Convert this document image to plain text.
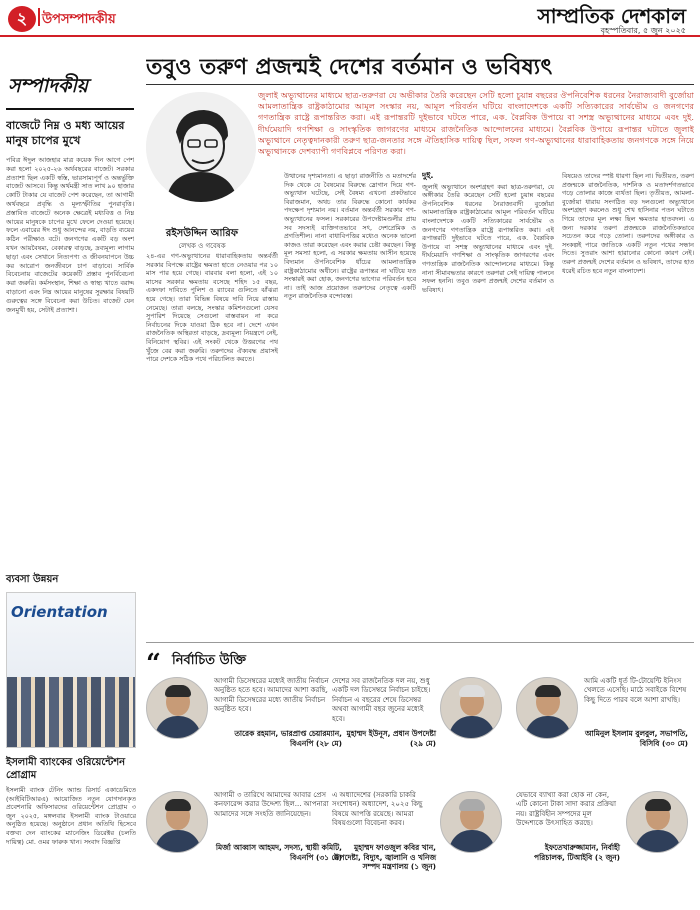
২	উপসম্পাদকীয়	সাম্প্রতিক দেশকাল
বৃহস্পতিবার, ৫ জুন ২০২৫
সম্পাদকীয়
বাজেটে নিম্ন ও মধ্য আয়ের মানুষ চাপের মুখে
পবিত্র ঈদুল আজহার মাত্র কয়েক দিন আগে পেশ করা হলো ২০২৫-২৬ অর্থবছরের বাজেট। সরকার প্রত্যাশা ছিল একটি স্বস্তি, ভারসাম্যপূর্ণ ও অন্তর্ভুক্তি বাজেট আসবে। কিন্তু অর্থমন্ত্রী সাত লাখ ৯০ হাজার কোটি টাকার যে বাজেট পেশ করেছেন, তা আগামী অর্থবছরে প্রবৃদ্ধি ও মূল্যস্ফীতির পুনরাবৃত্তি। প্রস্তাবিত বাজেটে অনেক ক্ষেত্রেই মধ্যবিত্ত ও নিম্ন আয়ের মানুষকে চাপের মুখে ফেলে দেওয়া হয়েছে। ফলে এবারের ঈদ শুধু আনন্দের নয়, বাড়তি ব্যয়ের কঠিন পরীক্ষাও বটে। জনগণের একটি বড় অংশ যখন আয়বৈষম্য, বেকারত্ব বাড়ছে, দ্রব্যমূল্য লাগাম ছাড়া এবং সেখানে নিত্যপণ্য ও জীবনযাপনে উচ্চ কর আরোপ জনজীবনে চাপ বাড়াবে। সার্বিক বিবেচনায় বাজেটের কয়েকটি প্রস্তাব পুনর্বিবেচনা করা জরুরি। কর্মসংস্থান, শিক্ষা ও স্বাস্থ্য খাতে বরাদ্দ বাড়ানো এবং নিম্ন আয়ের মানুষের সুরক্ষার বিষয়টি গুরুত্বের সঙ্গে বিবেচনা করা উচিত। বাজেট যেন জনমুখী হয়, সেটাই প্রত্যাশা।
ব্যবসা উন্নয়ন
Orientation
ইসলামী ব্যাংকের ওরিয়েন্টেশন প্রোগ্রাম
ইসলামী ব্যাংক টেনিং অ্যান্ড রিসার্চ একাডেমিতে (আইবিটিআরএ) আয়োজিত নতুন যোগদানকৃত প্রবেশনারি অফিসারদের ওরিয়েন্টেশন প্রোগ্রাম ৩ জুন ২০২৫, মঙ্গলবার ইসলামী ব্যাংক টাওয়ারে অনুষ্ঠিত হয়েছে। অনুষ্ঠানে প্রধান অতিথি হিসেবে বক্তব্য দেন ব্যাংকের ম্যানেজিং ডিরেক্টর (চলতি দায়িত্ব) মো. ওমর ফারুক খান। সংবাদ বিজ্ঞপ্তি
তবুও তরুণ প্রজন্মই দেশের বর্তমান ও ভবিষ্যৎ
রইসউদ্দিন আরিফ
লেখক ও গবেষক
জুলাই অভ্যুত্থানের মাধ্যমে ছাত্র-তরুণরা যে অভীকার তৈরি করেছেন সেটি হলো চুয়ান্ন বছরের ঔপনিবেশিক ধরনের নৈরাজ্যবাদী বুর্জোয়া আমলাতান্ত্রিক রাষ্ট্রকাঠামোর আমূল সংস্কার নয়, আমূল পরিবর্তন ঘটিয়ে বাংলাদেশকে একটি সত্যিকারের সার্বভৌম ও জনগণের গণতান্ত্রিক রাষ্ট্রে রূপান্তরিত করা। এই রূপান্তরটি দুইভাবে ঘটতে পারে, এক. বৈপ্লবিক উপায়ে বা সশস্ত্র অভ্যুত্থানের মাধ্যমে এবং দুই. দীর্ঘমেয়াদি গণশিক্ষা ও সাংস্কৃতিক জাগরণের মাধ্যমে রাজনৈতিক আন্দোলনের মাধ্যমে। বৈপ্লবিক উপায়ে রূপান্তর ঘটাতে জুলাই অভ্যুত্থানে নেতৃত্বদানকারী তরুণ ছাত্র-জনতার সঙ্গে ঐতিহাসিক দায়িত্ব ছিল, সফল গণ-অভ্যুত্থানের ধারাবাহিকতায় জনগণকে সঙ্গে নিয়ে অভ্যুত্থানকে দেশব্যাপী গণবিপ্লবে পরিণত করা।
২৪-এর গণ-অভ্যুত্থানের ধারাবাহিকতায় অন্তর্বর্তী সরকার বিপক্ষে রাষ্ট্রের ক্ষমতা হাতে নেওয়ার পর ১০ মাস পার হয়ে গেছে। বারবার বলা হলো, এই ১০ মাসের সরকার ক্ষমতায় বসেছে শহিদ ১৫ বছর, একদফা দাবিতে পুলিশ ও র‍্যাবের গুলিতে ঝাঁঝরা হয়ে গেছে। তারা বিভিন্ন বিষয়ে দাবি নিয়ে রাস্তায় নেমেছে। তারা বলছে, সংস্কার কমিশনগুলো যেসব সুপারিশ দিয়েছে সেগুলো বাস্তবায়ন না করে নির্বাচনের দিকে যাওয়া ঠিক হবে না। দেশে এখন রাজনৈতিক অস্থিরতা বাড়ছে, দ্রব্যমূল্য নিয়ন্ত্রণে নেই, বিনিয়োগ স্থবির। এই সংকট থেকে উত্তরণের পথ খুঁজে বের করা জরুরি। তরুণদের ঐক্যবদ্ধ প্রয়াসই পারে দেশকে সঠিক পথে পরিচালিত করতে।
উত্থানের দৃশ্যমানতা। এ ছাড়া রাজনীতি ও মতাদর্শের দিক থেকে যে বৈষম্যের বিরুদ্ধে স্লোগান দিয়ে গণ-অভ্যুত্থান ঘটেছে, সেই বৈষম্য এখনো প্রকটভাবে বিরাজমান, অথচ তার বিরুদ্ধে কোনো কার্যকর পদক্ষেপ দৃশ্যমান নয়। বর্তমান অন্তর্বর্তী সরকার গণ-অভ্যুত্থানের ফসল। সরকারের উপদেষ্টামণ্ডলীর প্রায় সব সদস্যই ব্যক্তিগতভাবে সৎ, দেশপ্রেমিক ও প্রগতিশীল। নানা বাধাবিপত্তির মধ্যেও অনেক ভালো কাজও তারা করেছেন এবং করার চেষ্টা করছেন। কিন্তু মূল সমস্যা হলো, এ সরকার ক্ষমতায় আসীন হয়েছে বিদ্যমান ঔপনিবেশিক ধাঁচের আমলাতান্ত্রিক রাষ্ট্রকাঠামোর অধীনে। রাষ্ট্রের রূপান্তর না ঘটিয়ে যত সংস্কারই করা হোক, জনগণের ভাগ্যের পরিবর্তন হবে না। তাই আজ প্রয়োজন তরুণদের নেতৃত্বে একটি নতুন রাজনৈতিক বন্দোবস্ত।
দুই.
জুলাই অভ্যুত্থানে অংশগ্রহণ করা ছাত্র-তরুণরা, যে অঙ্গীকার তৈরি করেছেন সেটি হলো চুয়ান্ন বছরের ঔপনিবেশিক ধরনের নৈরাজ্যবাদী বুর্জোয়া আমলাতান্ত্রিক রাষ্ট্রকাঠামোর আমূল পরিবর্তন ঘটিয়ে বাংলাদেশকে একটি সত্যিকারের সার্বভৌম ও জনগণের গণতান্ত্রিক রাষ্ট্রে রূপান্তরিত করা। এই রূপান্তরটি দুইভাবে ঘটতে পারে, এক. বৈপ্লবিক উপায়ে বা সশস্ত্র অভ্যুত্থানের মাধ্যমে এবং দুই. দীর্ঘমেয়াদি গণশিক্ষা ও সাংস্কৃতিক জাগরণের এবং গণতান্ত্রিক রাজনৈতিক আন্দোলনের মাধ্যমে। কিন্তু নানা সীমাবদ্ধতার কারণে তরুণরা সেই দায়িত্ব পালনে সফল হননি। তবুও তরুণ প্রজন্মই দেশের বর্তমান ও ভবিষ্যৎ।
বিষয়েও তাদের স্পষ্ট ধারণা ছিল না। দ্বিতীয়ত, তরুণ প্রজন্মকে রাজনৈতিক, দার্শনিক ও মতাদর্শগতভাবে গড়ে তোলার কাজে ব্যর্থতা ছিল। তৃতীয়ত, আমলা-বুর্জোয়া ধারায় সংগঠিত বড় দলগুলো অভ্যুত্থানে অংশগ্রহণ করলেও শুধু শেখ হাসিনার পতন ঘটাতে গিয়ে তাদের মূল লক্ষ্য ছিল ক্ষমতার হাতবদল। এ জন্য দরকার তরুণ প্রজন্মকে রাজনৈতিকভাবে সচেতন করে গড়ে তোলা। তরুণদের অঙ্গীকার ও সংকল্পই পারে জাতিকে একটি নতুন পথের সন্ধান দিতে। সুতরাং আশা হারানোর কোনো কারণ নেই। তরুণ প্রজন্মই দেশের বর্তমান ও ভবিষ্যৎ, তাদের হাত ধরেই রচিত হবে নতুন বাংলাদেশ।
“ নির্বাচিত উক্তি
আগামী ডিসেম্বরের মধ্যেই জাতীয় নির্বাচন অনুষ্ঠিত হতে হবে। আমাদের আশা করছি, আগামী ডিসেম্বরের মধ্যে জাতীয় নির্বাচন অনুষ্ঠিত হবে।
তারেক রহমান, ভারপ্রাপ্ত চেয়ারম্যান, বিএনপি (২৮ মে)
দেশের সব রাজনৈতিক দল নয়, শুধু একটি দল ডিসেম্বরে নির্বাচন চাইছে। নির্বাচন এ বছরের শেষে ডিসেম্বর অথবা আগামী বছর জুনের মধ্যেই হবে।
মুহাম্মদ ইউনূস, প্রধান উপদেষ্টা (২৯ মে)
আমি একটি ধূর্ত টি-টোয়েন্টি ইনিংস খেলতে এসেছি। মাঠে সবাইকে বিশেষ কিছু দিতে পারব বলে আশা রাখছি।
আমিনুল ইসলাম বুলবুল, সভাপতি, বিসিবি (৩০ মে)
আগামী ৩ তারিখে আমাদের আবার প্রেস কনফারেন্স করার উদ্দেশ্য ছিল... আপনারা আমাদের সঙ্গে সংহতি জানিয়েছেন।
মির্জা আব্বাস আহমদ, সদস্য, স্থায়ী কমিটি, বিএনপি (৩১ মে)
এ অধ্যাদেশের (সরকারি চাকরি সংশোধন) অধ্যাদেশ, ২০২৫ কিছু বিষয়ে আপত্তি রয়েছে। আমরা বিষয়গুলো বিবেচনা করব।
মুহাম্মদ ফাওজুল কবির খান, উপদেষ্টা, বিদ্যুৎ, জ্বালানি ও খনিজ সম্পদ মন্ত্রণালয় (১ জুন)
যেভাবে ব্যাখ্যা করা হোক না কেন, এটি কোনো টাকা সাদা করার প্রক্রিয়া নয়। রাষ্ট্রবিহীন সম্পদের মূল উদ্দেশ্যকে উৎসাহিত করছে।
ইফতেখারুজ্জামান, নির্বাহী পরিচালক, টিআইবি (২ জুন)
